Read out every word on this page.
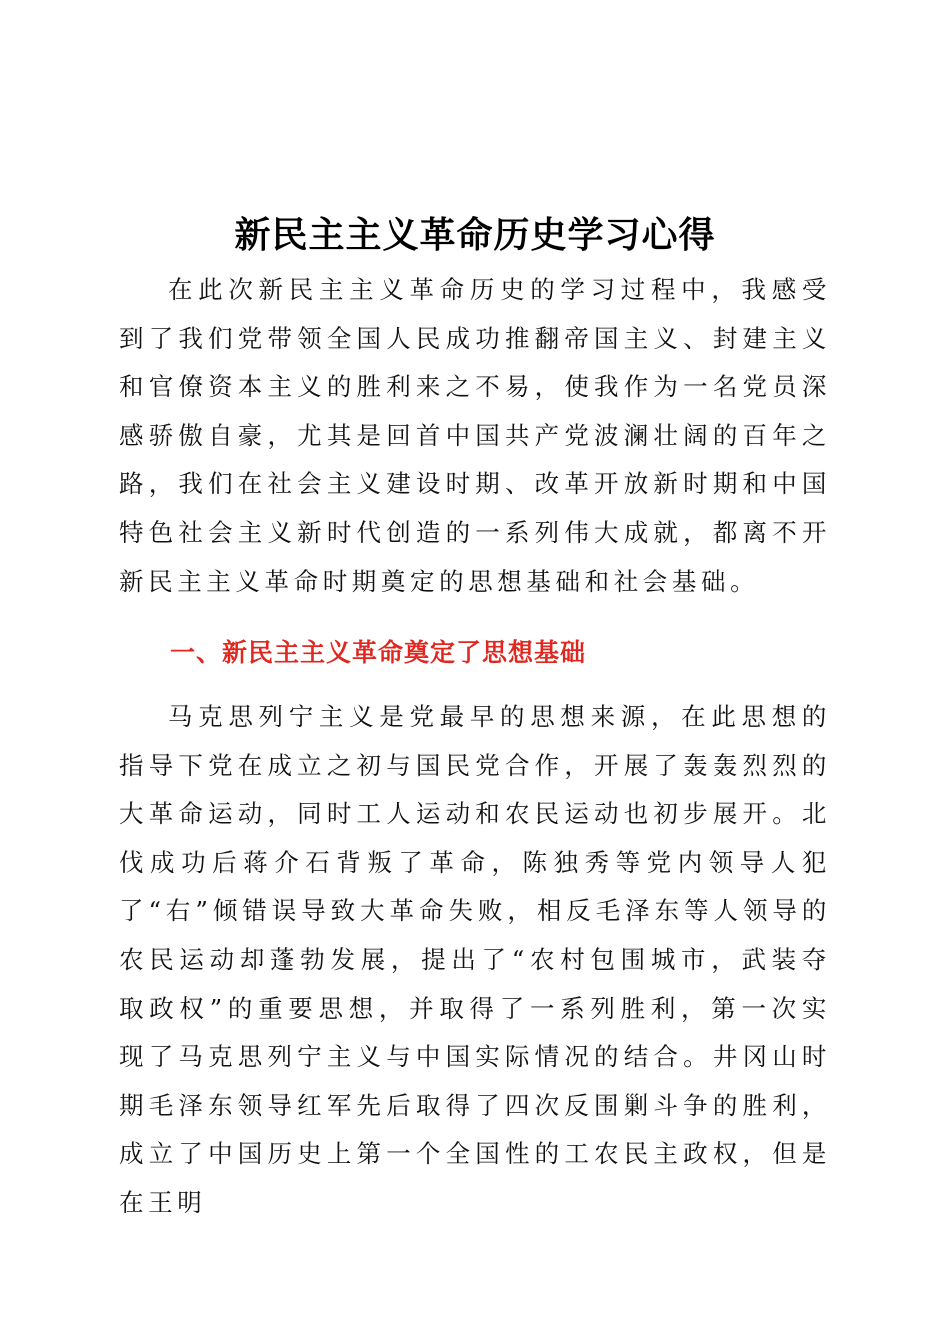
新民主主义革命历史学习心得

在此次新民主主义革命历史的学习过程中，我感受到了我们党带领全国人民成功推翻帝国主义、封建主义和官僚资本主义的胜利来之不易，使我作为一名党员深感骄傲自豪，尤其是回首中国共产党波澜壮阔的百年之路，我们在社会主义建设时期、改革开放新时期和中国特色社会主义新时代创造的一系列伟大成就，都离不开新民主主义革命时期奠定的思想基础和社会基础。

一、新民主主义革命奠定了思想基础

马克思列宁主义是党最早的思想来源，在此思想的指导下党在成立之初与国民党合作，开展了轰轰烈烈的大革命运动，同时工人运动和农民运动也初步展开。北伐成功后蒋介石背叛了革命，陈独秀等党内领导人犯了“右”倾错误导致大革命失败，相反毛泽东等人领导的农民运动却蓬勃发展，提出了“农村包围城市，武装夺取政权”的重要思想，并取得了一系列胜利，第一次实现了马克思列宁主义与中国实际情况的结合。井冈山时期毛泽东领导红军先后取得了四次反围剿斗争的胜利，成立了中国历史上第一个全国性的工农民主政权，但是在王明
